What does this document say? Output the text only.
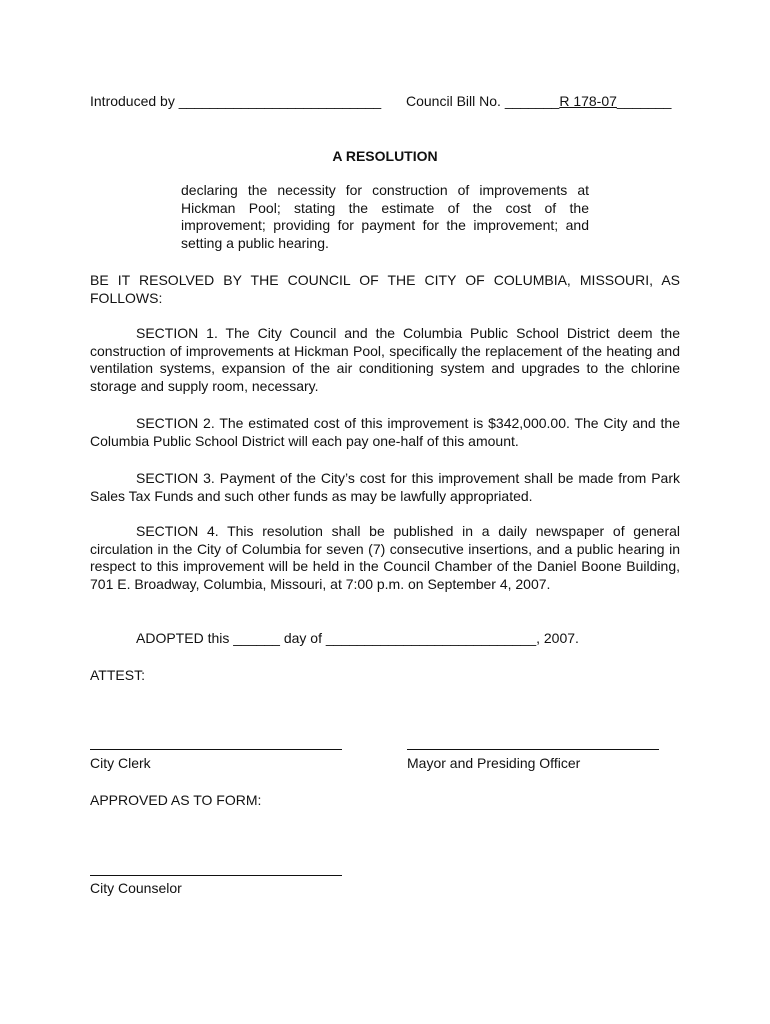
Introduced by __________________________ Council Bill No. _______R 178-07_______
A RESOLUTION
declaring the necessity for construction of improvements at Hickman Pool; stating the estimate of the cost of the improvement; providing for payment for the improvement; and setting a public hearing.
BE IT RESOLVED BY THE COUNCIL OF THE CITY OF COLUMBIA, MISSOURI, AS FOLLOWS:
SECTION 1. The City Council and the Columbia Public School District deem the construction of improvements at Hickman Pool, specifically the replacement of the heating and ventilation systems, expansion of the air conditioning system and upgrades to the chlorine storage and supply room, necessary.
SECTION 2. The estimated cost of this improvement is $342,000.00. The City and the Columbia Public School District will each pay one-half of this amount.
SECTION 3. Payment of the City’s cost for this improvement shall be made from Park Sales Tax Funds and such other funds as may be lawfully appropriated.
SECTION 4. This resolution shall be published in a daily newspaper of general circulation in the City of Columbia for seven (7) consecutive insertions, and a public hearing in respect to this improvement will be held in the Council Chamber of the Daniel Boone Building, 701 E. Broadway, Columbia, Missouri, at 7:00 p.m. on September 4, 2007.
ADOPTED this ______ day of ___________________________, 2007.
ATTEST:
City Clerk	Mayor and Presiding Officer
APPROVED AS TO FORM:
City Counselor
